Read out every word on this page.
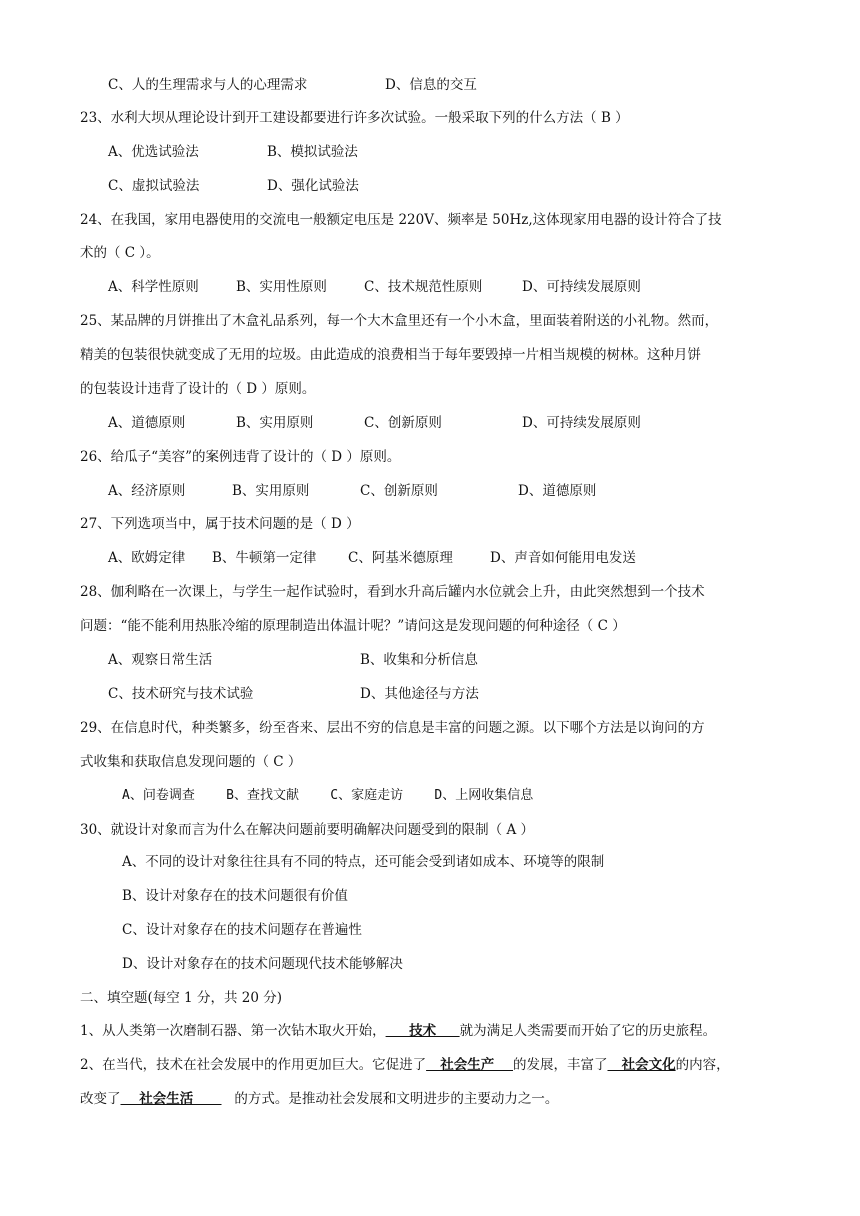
C、人的生理需求与人的心理需求	D、信息的交互
23、水利大坝从理论设计到开工建设都要进行许多次试验。一般采取下列的什么方法（ B ）
A、优选试验法	B、模拟试验法
C、虚拟试验法	D、强化试验法
24、在我国，家用电器使用的交流电一般额定电压是 220V、频率是 50Hz,这体现家用电器的设计符合了技
术的（ C ）。
A、科学性原则	B、实用性原则	C、技术规范性原则	D、可持续发展原则
25、某品牌的月饼推出了木盒礼品系列，每一个大木盒里还有一个小木盒，里面装着附送的小礼物。然而，
精美的包装很快就变成了无用的垃圾。由此造成的浪费相当于每年要毁掉一片相当规模的树林。这种月饼
的包装设计违背了设计的（ D ）原则。
A、道德原则	B、实用原则	C、创新原则	D、可持续发展原则
26、给瓜子“美容”的案例违背了设计的（ D ）原则。
A、经济原则	B、实用原则	C、创新原则	D、道德原则
27、下列选项当中，属于技术问题的是（ D ）
A、欧姆定律 B、牛顿第一定律 C、阿基米德原理	D、声音如何能用电发送
28、伽利略在一次课上，与学生一起作试验时，看到水升高后罐内水位就会上升，由此突然想到一个技术
问题：“能不能利用热胀冷缩的原理制造出体温计呢？”请问这是发现问题的何种途径（ C ）
A、观察日常生活	B、收集和分析信息
C、技术研究与技术试验	D、其他途径与方法
29、在信息时代，种类繁多，纷至沓来、层出不穷的信息是丰富的问题之源。以下哪个方法是以询问的方
式收集和获取信息发现问题的（ C ）
A、问卷调查    B、查找文献    C、家庭走访    D、上网收集信息
30、就设计对象而言为什么在解决问题前要明确解决问题受到的限制（ A ）
A、不同的设计对象往往具有不同的特点，还可能会受到诸如成本、环境等的限制
B、设计对象存在的技术问题很有价值
C、设计对象存在的技术问题存在普遍性
D、设计对象存在的技术问题现代技术能够解决
二、填空题(每空 1 分，共 20 分)
1、从人类第一次磨制石器、第一次钻木取火开始，     技术     就为满足人类需要而开始了它的历史旅程。
2、在当代，技术在社会发展中的作用更加巨大。它促进了   社会生产    的发展，丰富了   社会文化的内容，
改变了    社会生活         的方式。是推动社会发展和文明进步的主要动力之一。
